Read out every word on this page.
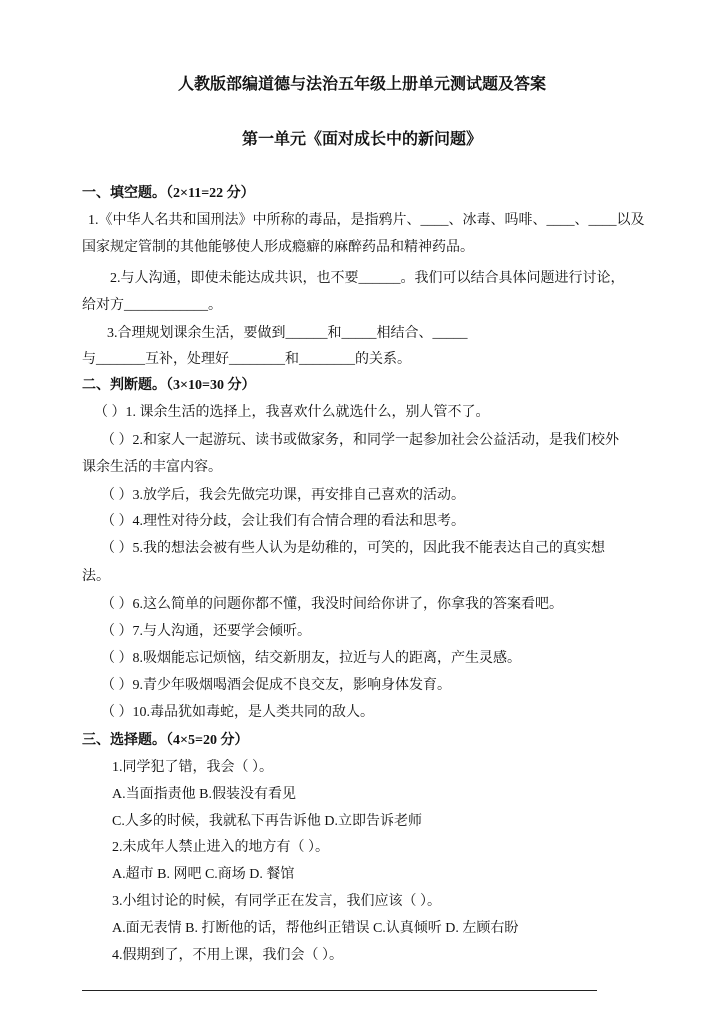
人教版部编道德与法治五年级上册单元测试题及答案
第一单元《面对成长中的新问题》
一、填空题。（2×11=22 分）
1.《中华人名共和国刑法》中所称的毒品，是指鸦片、____、冰毒、吗啡、____、____以及
国家规定管制的其他能够使人形成瘾癖的麻醉药品和精神药品。
2.与人沟通，即使未能达成共识，也不要______。我们可以结合具体问题进行讨论，
给对方____________。
3.合理规划课余生活，要做到______和_____相结合、_____
与_______互补，处理好________和________的关系。
二、判断题。（3×10=30 分）
（ ）1. 课余生活的选择上，我喜欢什么就选什么，别人管不了。
（ ）2.和家人一起游玩、读书或做家务，和同学一起参加社会公益活动，是我们校外
课余生活的丰富内容。
（ ）3.放学后，我会先做完功课，再安排自己喜欢的活动。
（ ）4.理性对待分歧，会让我们有合情合理的看法和思考。
（ ）5.我的想法会被有些人认为是幼稚的，可笑的，因此我不能表达自己的真实想
法。
（ ）6.这么简单的问题你都不懂，我没时间给你讲了，你拿我的答案看吧。
（ ）7.与人沟通，还要学会倾听。
（ ）8.吸烟能忘记烦恼，结交新朋友，拉近与人的距离，产生灵感。
（ ）9.青少年吸烟喝酒会促成不良交友，影响身体发育。
（ ）10.毒品犹如毒蛇，是人类共同的敌人。
三、选择题。（4×5=20 分）
1.同学犯了错，我会（ ）。
A.当面指责他 B.假装没有看见
C.人多的时候，我就私下再告诉他 D.立即告诉老师
2.未成年人禁止进入的地方有（ ）。
A.超市 B. 网吧 C.商场 D. 餐馆
3.小组讨论的时候，有同学正在发言，我们应该（ ）。
A.面无表情 B. 打断他的话，帮他纠正错误 C.认真倾听 D. 左顾右盼
4.假期到了，不用上课，我们会（ ）。
